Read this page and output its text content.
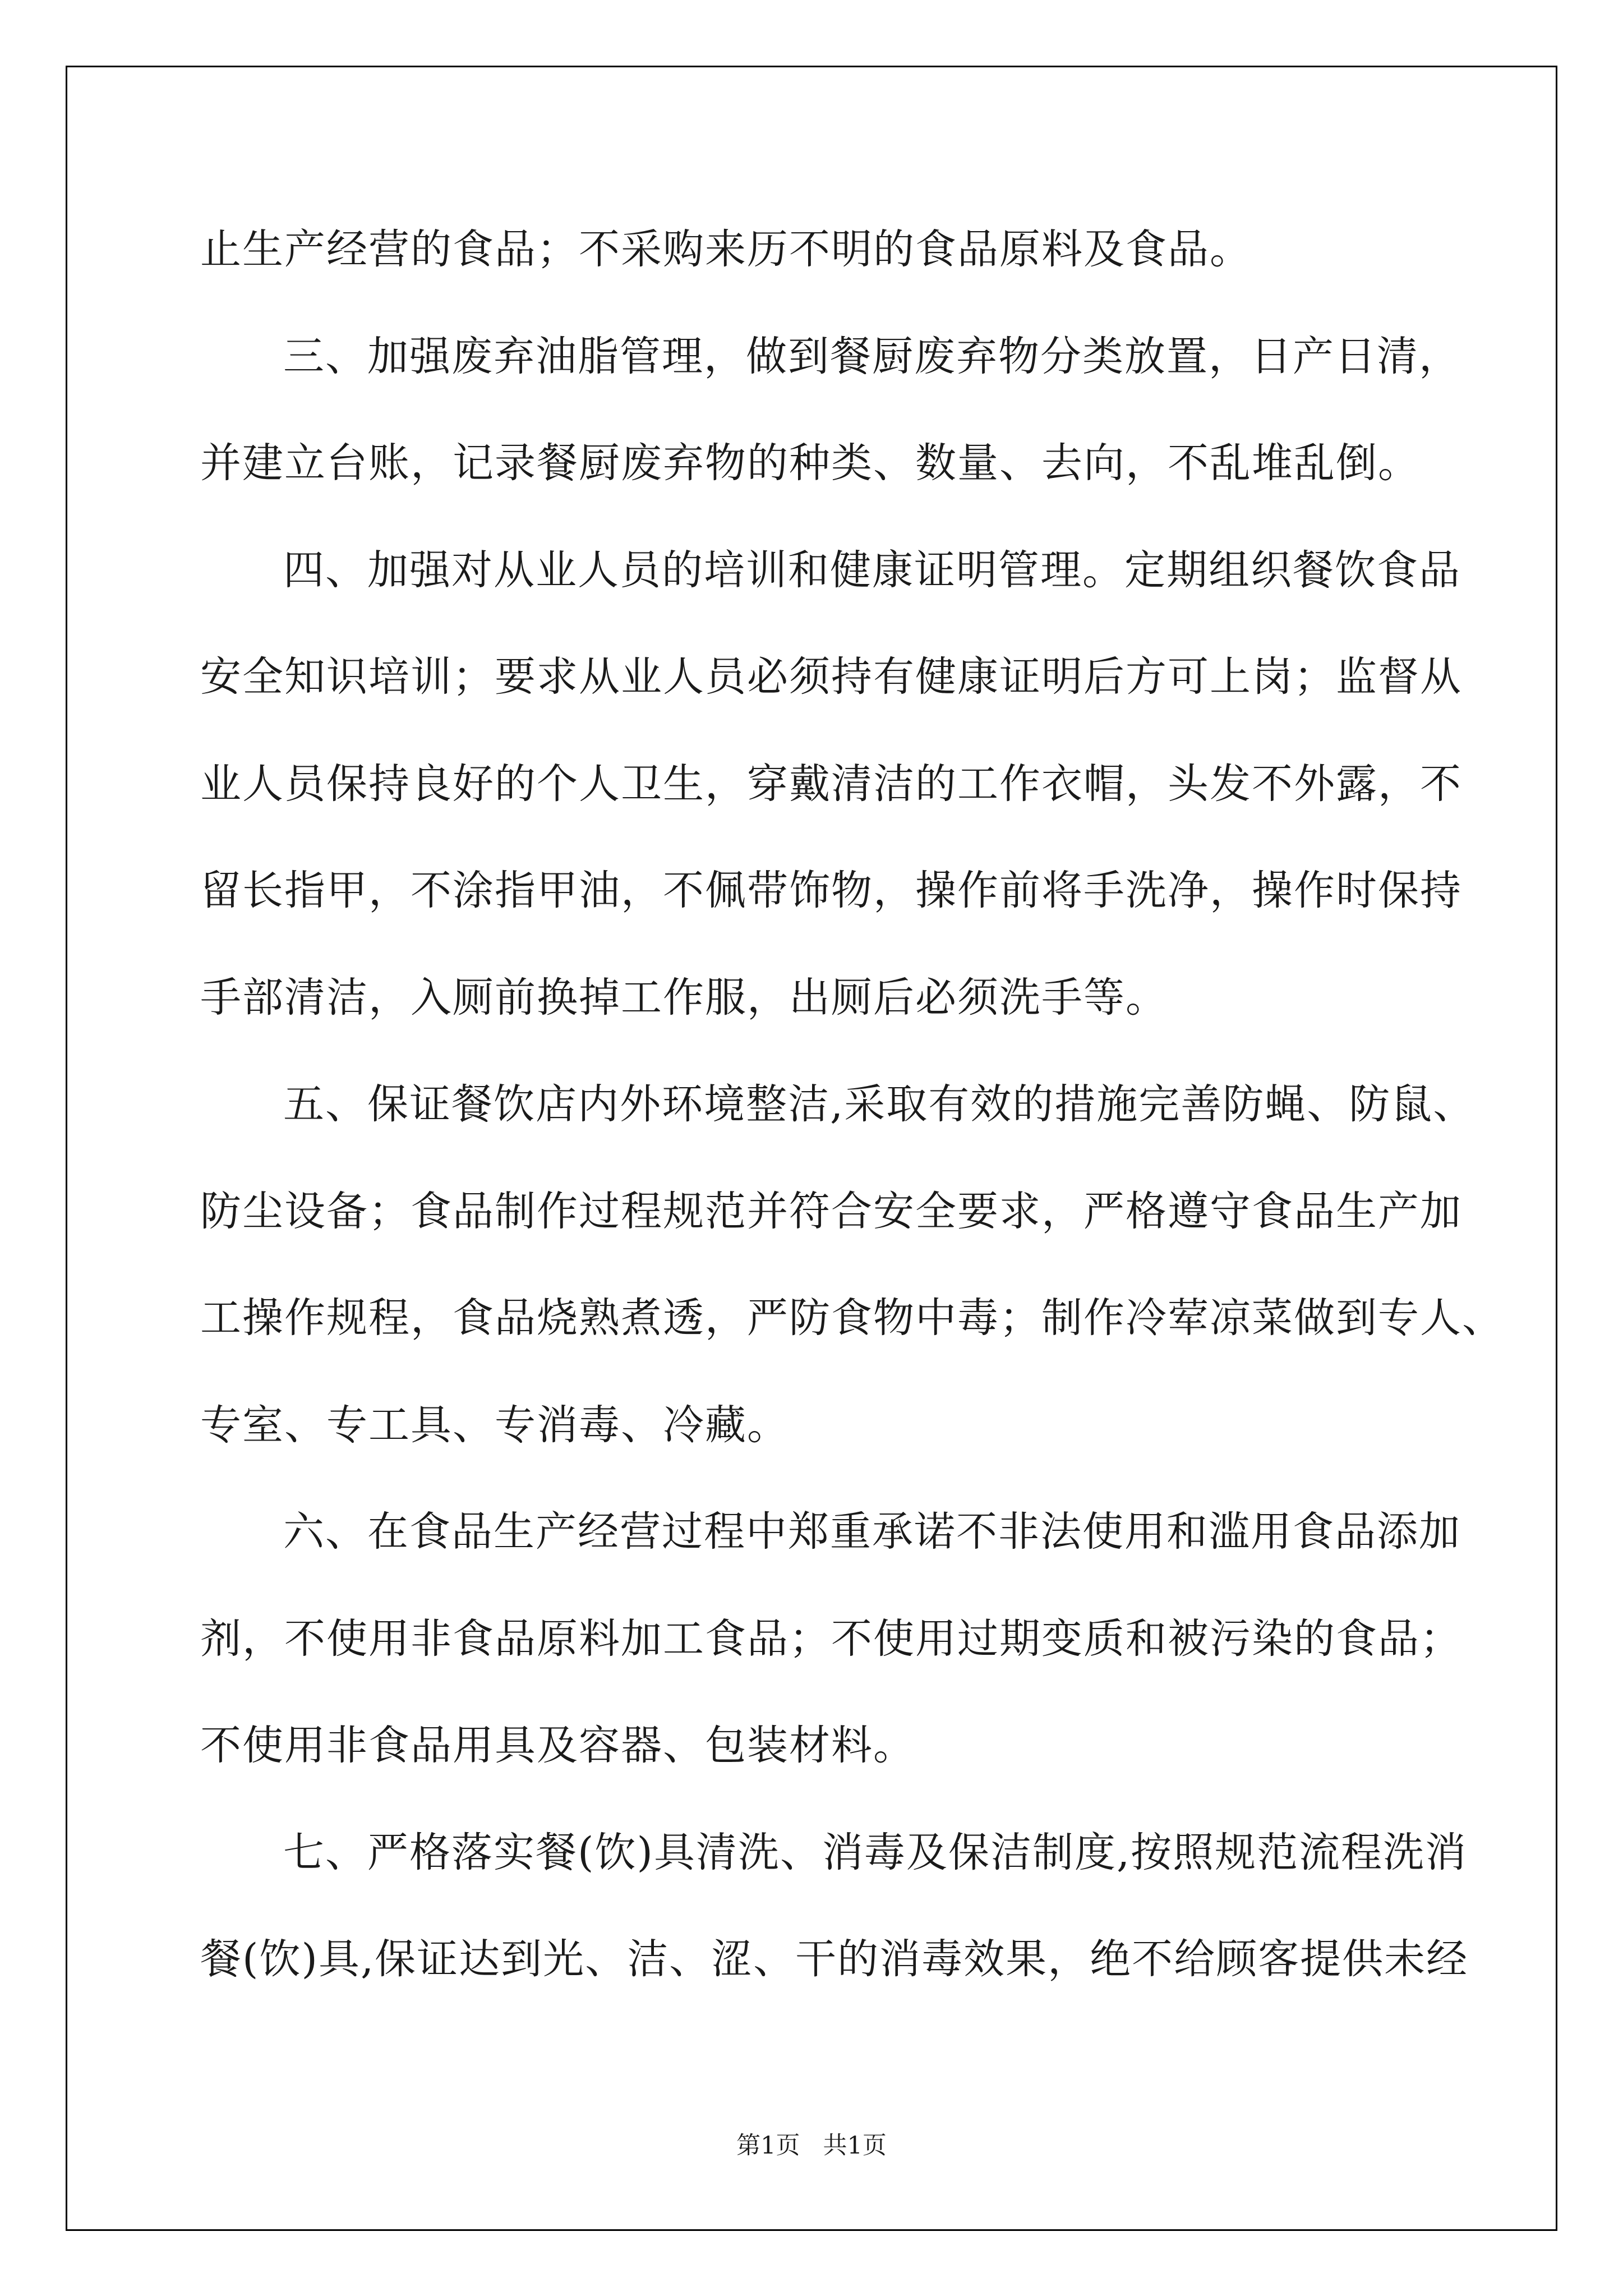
止生产经营的食品；不采购来历不明的食品原料及食品。
三、加强废弃油脂管理，做到餐厨废弃物分类放置，日产日清，
并建立台账，记录餐厨废弃物的种类、数量、去向，不乱堆乱倒。
四、加强对从业人员的培训和健康证明管理。定期组织餐饮食品
安全知识培训；要求从业人员必须持有健康证明后方可上岗；监督从
业人员保持良好的个人卫生，穿戴清洁的工作衣帽，头发不外露，不
留长指甲，不涂指甲油，不佩带饰物，操作前将手洗净，操作时保持
手部清洁，入厕前换掉工作服，出厕后必须洗手等。
五、保证餐饮店内外环境整洁,采取有效的措施完善防蝇、防鼠、
防尘设备；食品制作过程规范并符合安全要求，严格遵守食品生产加
工操作规程，食品烧熟煮透，严防食物中毒；制作冷荤凉菜做到专人、
专室、专工具、专消毒、冷藏。
六、在食品生产经营过程中郑重承诺不非法使用和滥用食品添加
剂，不使用非食品原料加工食品；不使用过期变质和被污染的食品；
不使用非食品用具及容器、包装材料。
七、严格落实餐(饮)具清洗、消毒及保洁制度,按照规范流程洗消
餐(饮)具,保证达到光、洁、涩、干的消毒效果，绝不给顾客提供未经
第1页 共1页
